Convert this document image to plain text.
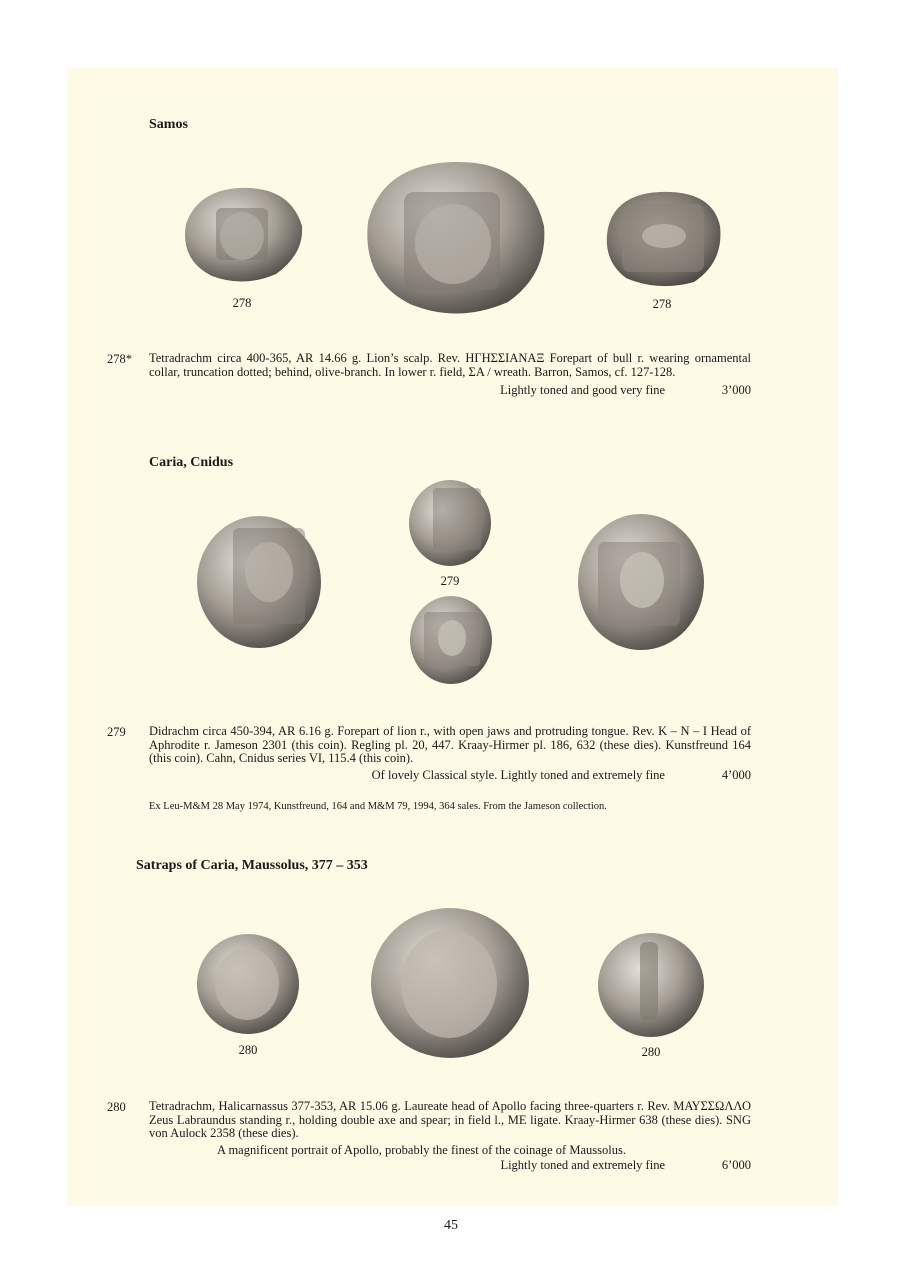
Samos
278	278
278* Tetradrachm circa 400-365, AR 14.66 g. Lion’s scalp. Rev. ΗΓΗΣΣΙΑΝΑΞ Forepart of bull r. wearing ornamental collar, truncation dotted; behind, olive-branch. In lower r. field, ΣΑ / wreath. Barron, Samos, cf. 127-128.
Lightly toned and good very fine	3’000
Caria, Cnidus
279
279 Didrachm circa 450-394, AR 6.16 g. Forepart of lion r., with open jaws and protruding tongue. Rev. Κ – Ν – Ι Head of Aphrodite r. Jameson 2301 (this coin). Regling pl. 20, 447. Kraay-Hirmer pl. 186, 632 (these dies). Kunstfreund 164 (this coin). Cahn, Cnidus series VI, 115.4 (this coin).
Of lovely Classical style. Lightly toned and extremely fine	4’000
Ex Leu-M&M 28 May 1974, Kunstfreund, 164 and M&M 79, 1994, 364 sales. From the Jameson collection.
Satraps of Caria, Maussolus, 377 – 353
280	280
280 Tetradrachm, Halicarnassus 377-353, AR 15.06 g. Laureate head of Apollo facing three-quarters r. Rev. ΜΑΥΣΣΩΛΛΟ Zeus Labraundus standing r., holding double axe and spear; in field l., ΜΕ ligate. Kraay-Hirmer 638 (these dies). SNG von Aulock 2358 (these dies).
A magnificent portrait of Apollo, probably the finest of the coinage of Maussolus.
Lightly toned and extremely fine	6’000
45
